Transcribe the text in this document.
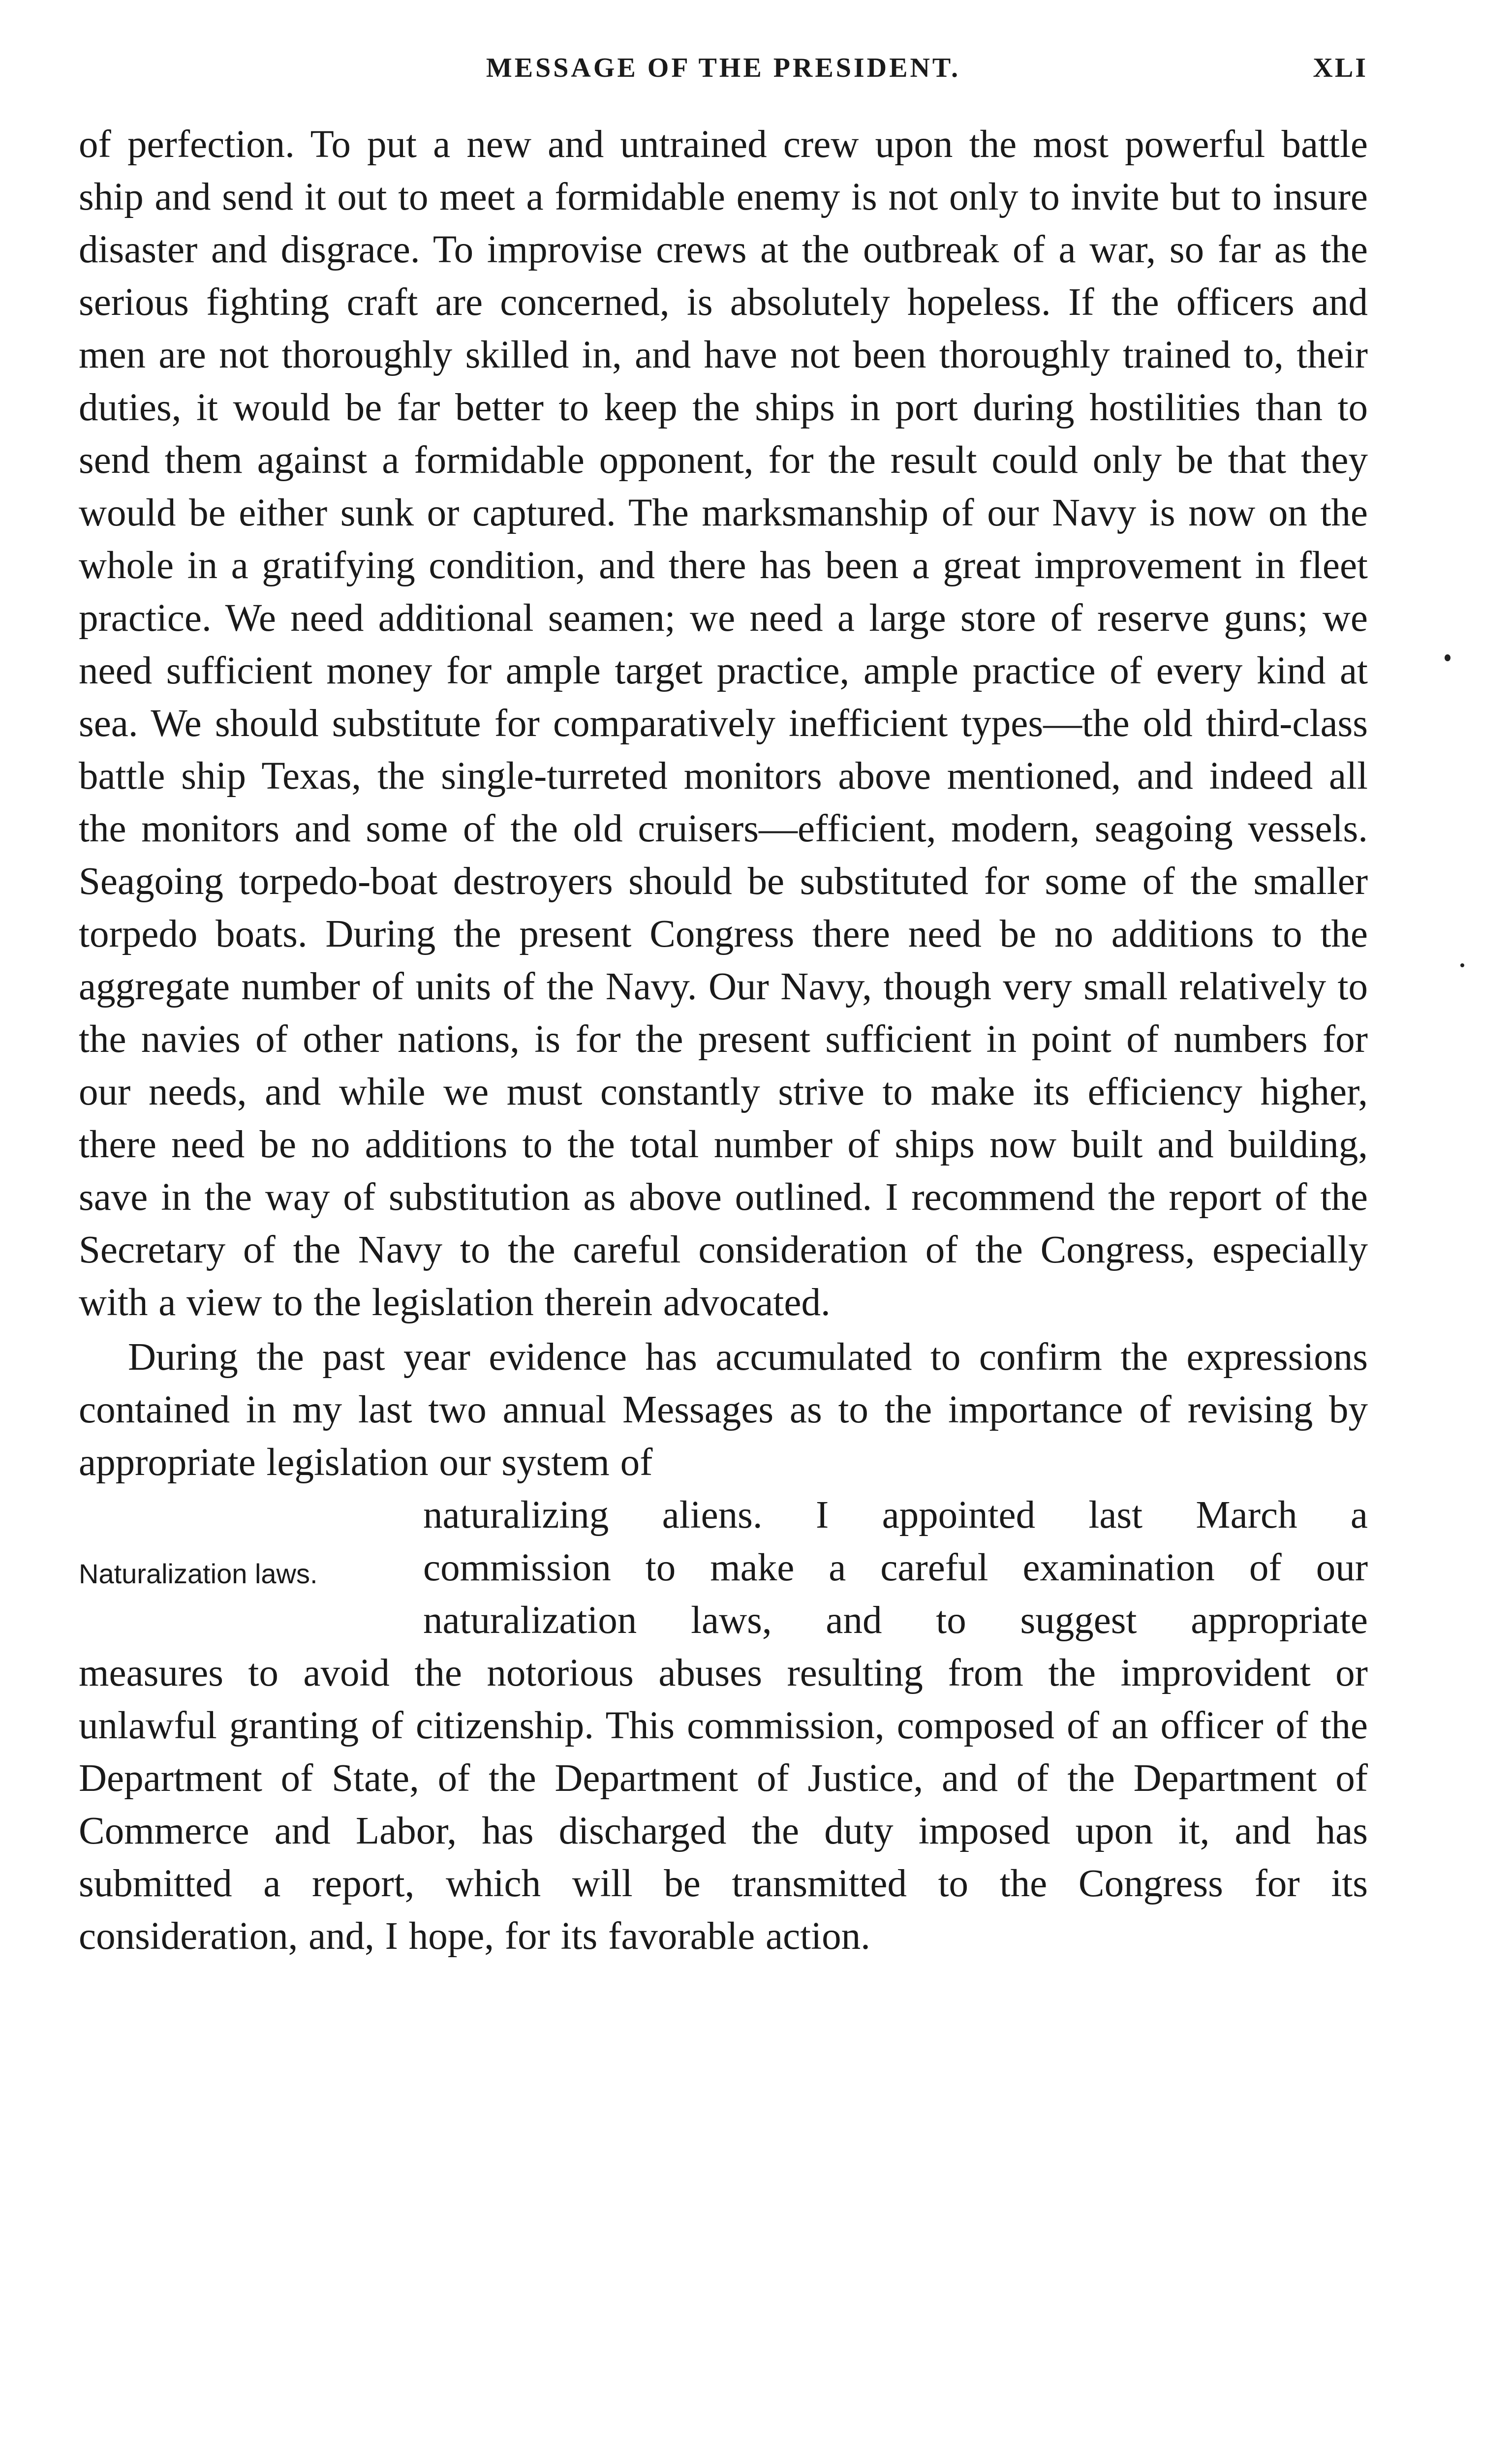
MESSAGE OF THE PRESIDENT.	XLI

of perfection. To put a new and untrained crew upon the most powerful battle ship and send it out to meet a formidable enemy is not only to invite but to insure disaster and disgrace. To improvise crews at the outbreak of a war, so far as the serious fighting craft are concerned, is absolutely hopeless. If the officers and men are not thoroughly skilled in, and have not been thoroughly trained to, their duties, it would be far better to keep the ships in port during hostilities than to send them against a formidable opponent, for the result could only be that they would be either sunk or captured. The marksmanship of our Navy is now on the whole in a gratifying condition, and there has been a great improvement in fleet practice. We need additional seamen; we need a large store of reserve guns; we need sufficient money for ample target practice, ample practice of every kind at sea. We should substitute for comparatively inefficient types—the old third-class battle ship Texas, the single-turreted monitors above mentioned, and indeed all the monitors and some of the old cruisers—efficient, modern, seagoing vessels. Seagoing torpedo-boat destroyers should be substituted for some of the smaller torpedo boats. During the present Congress there need be no additions to the aggregate number of units of the Navy. Our Navy, though very small relatively to the navies of other nations, is for the present sufficient in point of numbers for our needs, and while we must constantly strive to make its efficiency higher, there need be no additions to the total number of ships now built and building, save in the way of substitution as above outlined. I recommend the report of the Secretary of the Navy to the careful consideration of the Congress, especially with a view to the legislation therein advocated.

During the past year evidence has accumulated to confirm the expressions contained in my last two annual Messages as to the importance of revising by appropriate legislation our system of

Naturalization laws.
naturalizing aliens. I appointed last March a
commission to make a careful examination of our
naturalization laws, and to suggest appropriate

measures to avoid the notorious abuses resulting from the improvident or unlawful granting of citizenship. This commission, composed of an officer of the Department of State, of the Department of Justice, and of the Department of Commerce and Labor, has discharged the duty imposed upon it, and has submitted a report, which will be transmitted to the Congress for its consideration, and, I hope, for its favorable action.
